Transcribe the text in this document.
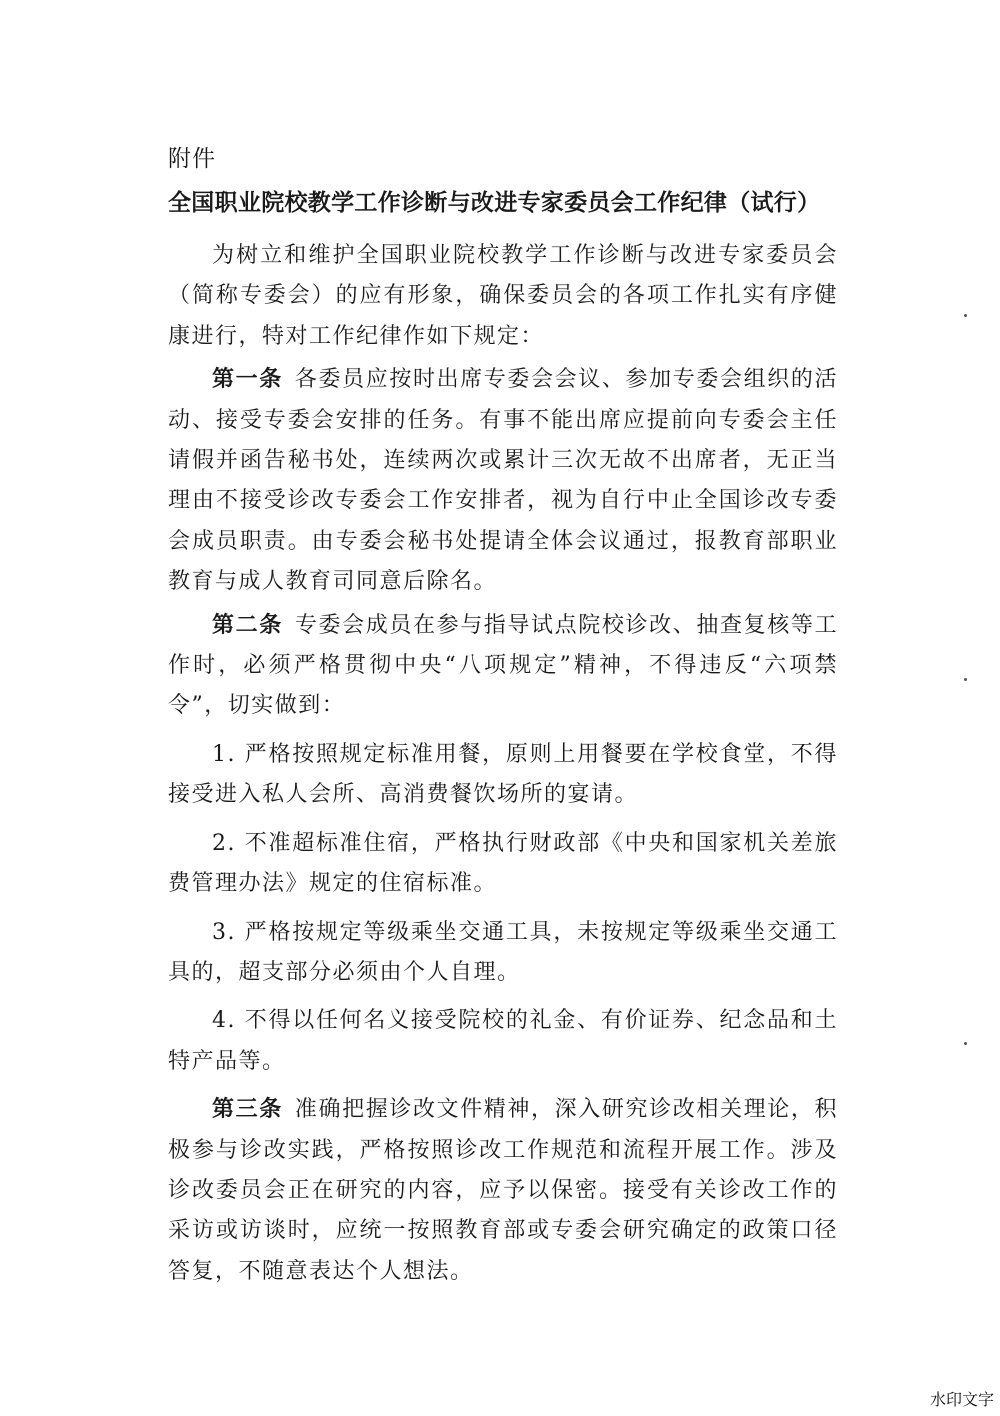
附件
全国职业院校教学工作诊断与改进专家委员会工作纪律（试行）

为树立和维护全国职业院校教学工作诊断与改进专家委员会（简称专委会）的应有形象，确保委员会的各项工作扎实有序健康进行，特对工作纪律作如下规定：

第一条 各委员应按时出席专委会会议、参加专委会组织的活动、接受专委会安排的任务。有事不能出席应提前向专委会主任请假并函告秘书处，连续两次或累计三次无故不出席者，无正当理由不接受诊改专委会工作安排者，视为自行中止全国诊改专委会成员职责。由专委会秘书处提请全体会议通过，报教育部职业教育与成人教育司同意后除名。

第二条 专委会成员在参与指导试点院校诊改、抽查复核等工作时，必须严格贯彻中央“八项规定”精神，不得违反“六项禁令”，切实做到：

1. 严格按照规定标准用餐，原则上用餐要在学校食堂，不得接受进入私人会所、高消费餐饮场所的宴请。

2. 不准超标准住宿，严格执行财政部《中央和国家机关差旅费管理办法》规定的住宿标准。

3. 严格按规定等级乘坐交通工具，未按规定等级乘坐交通工具的，超支部分必须由个人自理。

4. 不得以任何名义接受院校的礼金、有价证券、纪念品和土特产品等。

第三条 准确把握诊改文件精神，深入研究诊改相关理论，积极参与诊改实践，严格按照诊改工作规范和流程开展工作。涉及诊改委员会正在研究的内容，应予以保密。接受有关诊改工作的采访或访谈时，应统一按照教育部或专委会研究确定的政策口径答复，不随意表达个人想法。

水印文字
